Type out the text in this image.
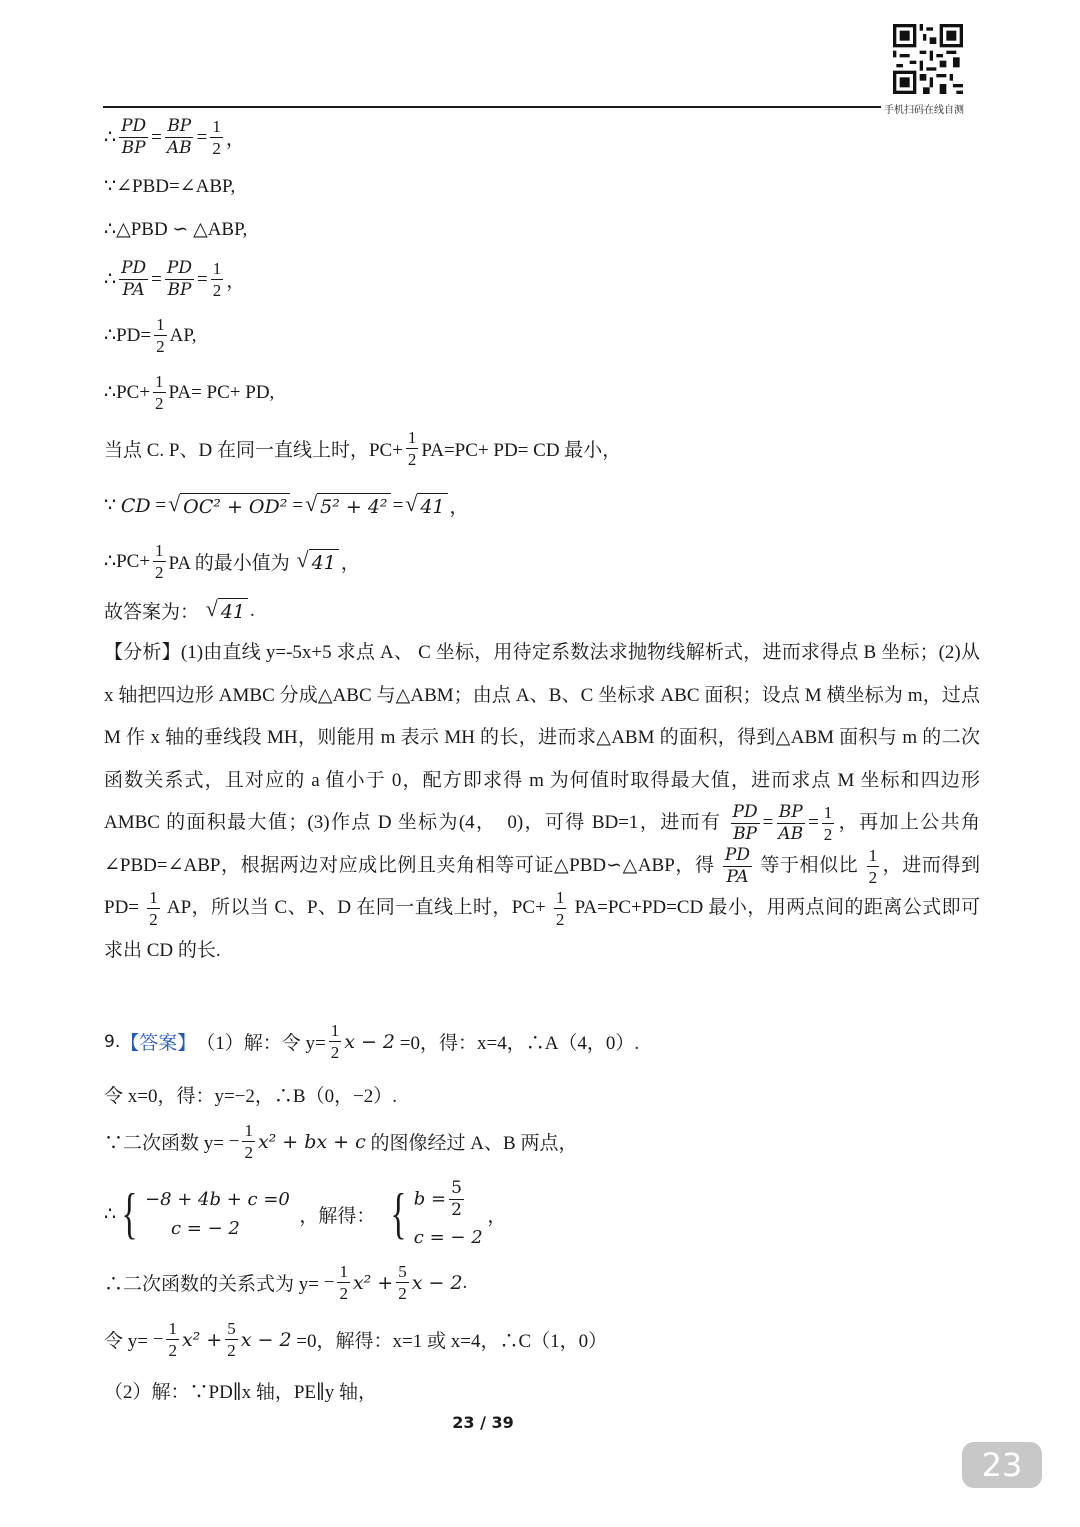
手机扫码在线自测
∴ $\frac{PD}{BP} = \frac{BP}{AB} = \frac{1}{2}$ ，
∵∠PBD=∠ABP,
∴△PBD ∽ △ABP,
∴ $\frac{PD}{PA} = \frac{PD}{BP} = \frac{1}{2}$ ，
∴PD= $\frac{1}{2}$ AP,
∴PC+ $\frac{1}{2} PA= PC+$ PD,
当点 C. P、D 在同一直线上时，$PC+ \frac{1}{2} PA=PC+ PD=$ CD 最小，
∵
CD
= √ OC² + OD² = √ 5² + 4² = √ 41 ，
∴PC+ $\frac{1}{2}$ PA 的最小值为
√ 41 ，
故答案为：
√ 41 .
【分析】(1)由直线 y=-5x+5 求点 A、 C 坐标，用待定系数法求抛物线解析式，进而求得点 B 坐标；(2)从 x 轴把四边形 AMBC 分成△ABC 与△ABM；由点 A、B、C 坐标求 ABC 面积；设点 M 横坐标为 m，过点 M 作 x 轴的垂线段 MH，则能用 m 表示 MH 的长，进而求△ABM 的面积，得到△ABM 面积与 m 的二次函数关系式，且对应的 a 值小于 0，配方即求得 m 为何值时取得最大值，进而求点 M 坐标和四边形 AMBC 的面积最大值；(3)作点 D 坐标为(4，　0)，可得 BD=1，进而有 $\frac{PD}{BP} = \frac{BP}{AB} = \frac{1}{2}$ ，再加上公共角∠PBD=∠ABP，根据两边对应成比例且夹角相等可证△PBD∽△ABP，得 $\frac{PD}{PA}$ 等于相似比 $\frac{1}{2}$ ，进而得到 $PD= \frac{1}{2}$ AP，所以当 C、P、D 在同一直线上时，$PC+ \frac{1}{2} PA=PC+PD=CD$ 最小，用两点间的距离公式即可求出 CD 的长.
9. 【答案】 （1）解：令 $y= \frac{1}{2}$ x − 2
=0，得：x=4，∴A（4，0）.
令 x=0，得：y=−2，∴B（0，−2）.
∵二次函数 y=
− $\frac{1}{2} x^2$ + bx + c
的图像经过 A、B 两点，
∴ { −8 + 4b + c =0
c = − 2

，解得：
{ $b = \frac{5}{2}$
c = − 2

，
∴二次函数的关系式为 y=
− $\frac{1}{2} x^2 + \frac{5}{2}$ x − 2 .
令 y=
− $\frac{1}{2} x^2 + \frac{5}{2}$ x − 2
=0，解得：x=1 或 x=4，∴C（1，0）
（2）解：∵PD∥x 轴，PE∥y 轴，
23 / 39
23
